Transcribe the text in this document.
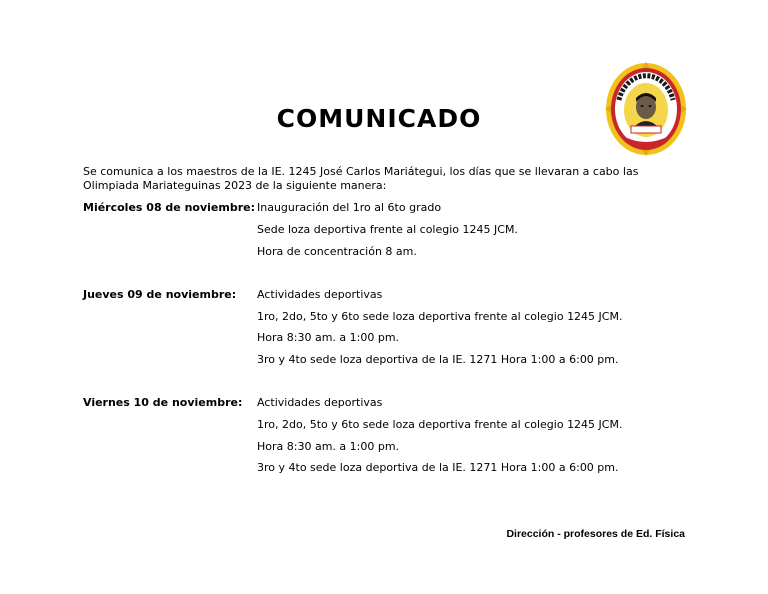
COMUNICADO
Se comunica a los maestros de la IE. 1245 José Carlos Mariátegui, los días que se llevaran a cabo las Olimpiada Mariateguinas 2023 de la siguiente manera:
Miércoles 08 de noviembre: Inauguración del 1ro al 6to grado
Sede loza deportiva frente al colegio 1245 JCM.
Hora de concentración 8 am.
Jueves 09 de noviembre: Actividades deportivas
1ro, 2do, 5to y 6to sede loza deportiva frente al colegio 1245 JCM.
Hora 8:30 am. a 1:00 pm.
3ro y 4to sede loza deportiva de la IE. 1271 Hora 1:00 a 6:00 pm.
Viernes 10 de noviembre: Actividades deportivas
1ro, 2do, 5to y 6to sede loza deportiva frente al colegio 1245 JCM.
Hora 8:30 am. a 1:00 pm.
3ro y 4to sede loza deportiva de la IE. 1271 Hora 1:00 a 6:00 pm.
Dirección - profesores de Ed. Física
